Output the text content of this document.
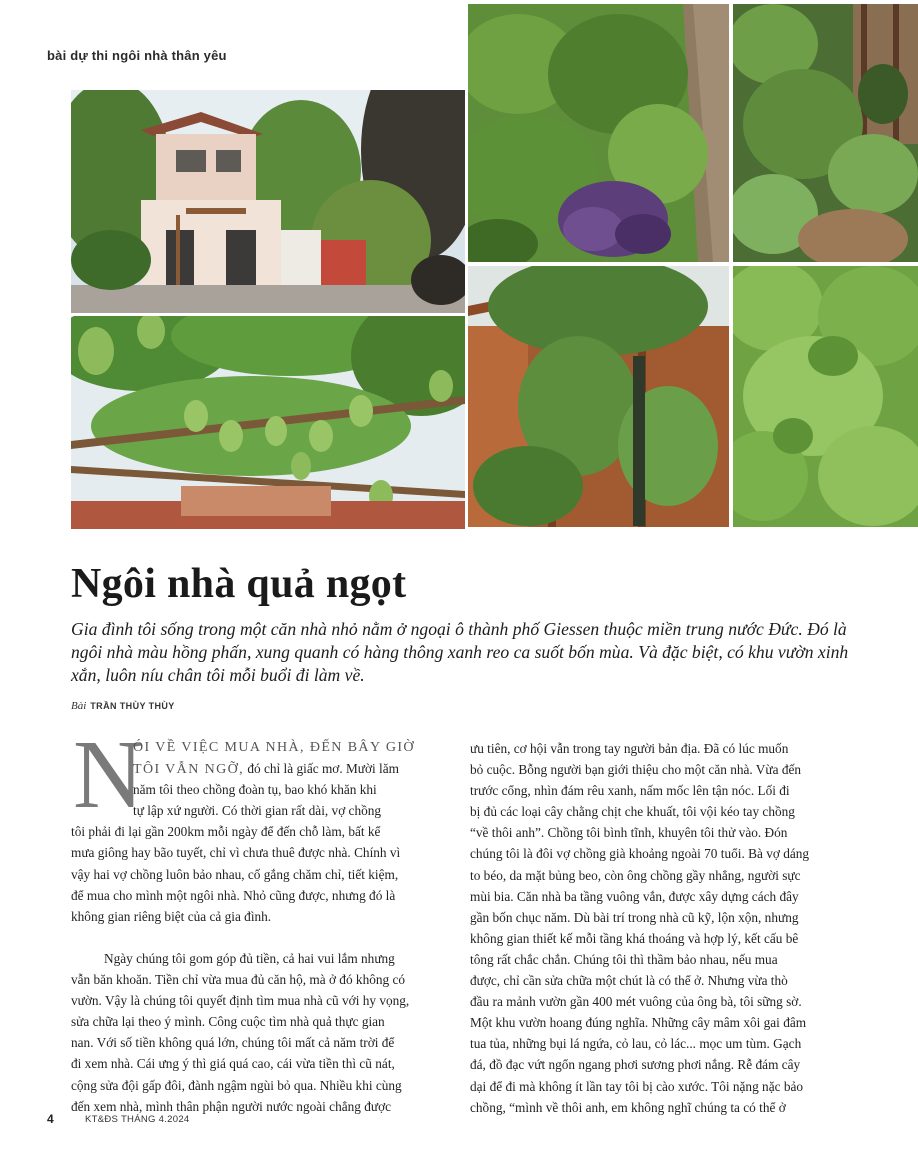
bài dự thi ngôi nhà thân yêu
Ngôi nhà quả ngọt

Gia đình tôi sống trong một căn nhà nhỏ nằm ở ngoại ô thành phố Giessen thuộc miền trung nước Đức. Đó là ngôi nhà màu hồng phấn, xung quanh có hàng thông xanh reo ca suốt bốn mùa. Và đặc biệt, có khu vườn xinh xắn, luôn níu chân tôi mỗi buổi đi làm về.

Bài TRẦN THÙY THÙY
N
ÓI VỀ VIỆC MUA NHÀ, ĐẾN BÂY GIỜ
TÔI VẪN NGỠ, đó chỉ là giấc mơ. Mười lăm
năm tôi theo chồng đoàn tụ, bao khó khăn khi
tự lập xứ người. Có thời gian rất dài, vợ chồng
tôi phải đi lại gần 200km mỗi ngày để đến chỗ làm, bất kể
mưa giông hay bão tuyết, chỉ vì chưa thuê được nhà. Chính vì
vậy hai vợ chồng luôn bảo nhau, cố gắng chăm chỉ, tiết kiệm,
để mua cho mình một ngôi nhà. Nhỏ cũng được, nhưng đó là
không gian riêng biệt của cả gia đình.
Ngày chúng tôi gom góp đủ tiền, cả hai vui lắm nhưng
vẫn băn khoăn. Tiền chỉ vừa mua đủ căn hộ, mà ở đó không có
vườn. Vậy là chúng tôi quyết định tìm mua nhà cũ với hy vọng,
sửa chữa lại theo ý mình. Công cuộc tìm nhà quả thực gian
nan. Với số tiền không quá lớn, chúng tôi mất cả năm trời để
đi xem nhà. Cái ưng ý thì giá quá cao, cái vừa tiền thì cũ nát,
cộng sửa đội gấp đôi, đành ngậm ngùi bỏ qua. Nhiều khi cùng
đến xem nhà, mình thân phận người nước ngoài chẳng được
ưu tiên, cơ hội vẫn trong tay người bản địa. Đã có lúc muốn
bỏ cuộc. Bỗng người bạn giới thiệu cho một căn nhà. Vừa đến
trước cổng, nhìn đám rêu xanh, nấm mốc lên tận nóc. Lối đi
bị đủ các loại cây chằng chịt che khuất, tôi vội kéo tay chồng
“về thôi anh”. Chồng tôi bình tĩnh, khuyên tôi thử vào. Đón
chúng tôi là đôi vợ chồng già khoảng ngoài 70 tuổi. Bà vợ dáng
to béo, da mặt bủng beo, còn ông chồng gầy nhẳng, người sực
mùi bia. Căn nhà ba tầng vuông vắn, được xây dựng cách đây
gần bốn chục năm. Dù bài trí trong nhà cũ kỹ, lộn xộn, nhưng
không gian thiết kế mỗi tầng khá thoáng và hợp lý, kết cấu bê
tông rất chắc chắn. Chúng tôi thì thầm bảo nhau, nếu mua
được, chỉ cần sửa chữa một chút là có thể ở. Nhưng vừa thò
đầu ra mảnh vườn gần 400 mét vuông của ông bà, tôi sững sờ.
Một khu vườn hoang đúng nghĩa. Những cây mâm xôi gai đâm
tua tủa, những bụi lá ngứa, cỏ lau, cỏ lác... mọc um tùm. Gạch
đá, đồ đạc vứt ngổn ngang phơi sương phơi nắng. Rễ đám cây
dại để đi mà không ít lần tay tôi bị cào xước. Tôi nặng nặc bảo
chồng, “mình về thôi anh, em không nghĩ chúng ta có thể ở
4	KT&ĐS THÁNG 4.2024
